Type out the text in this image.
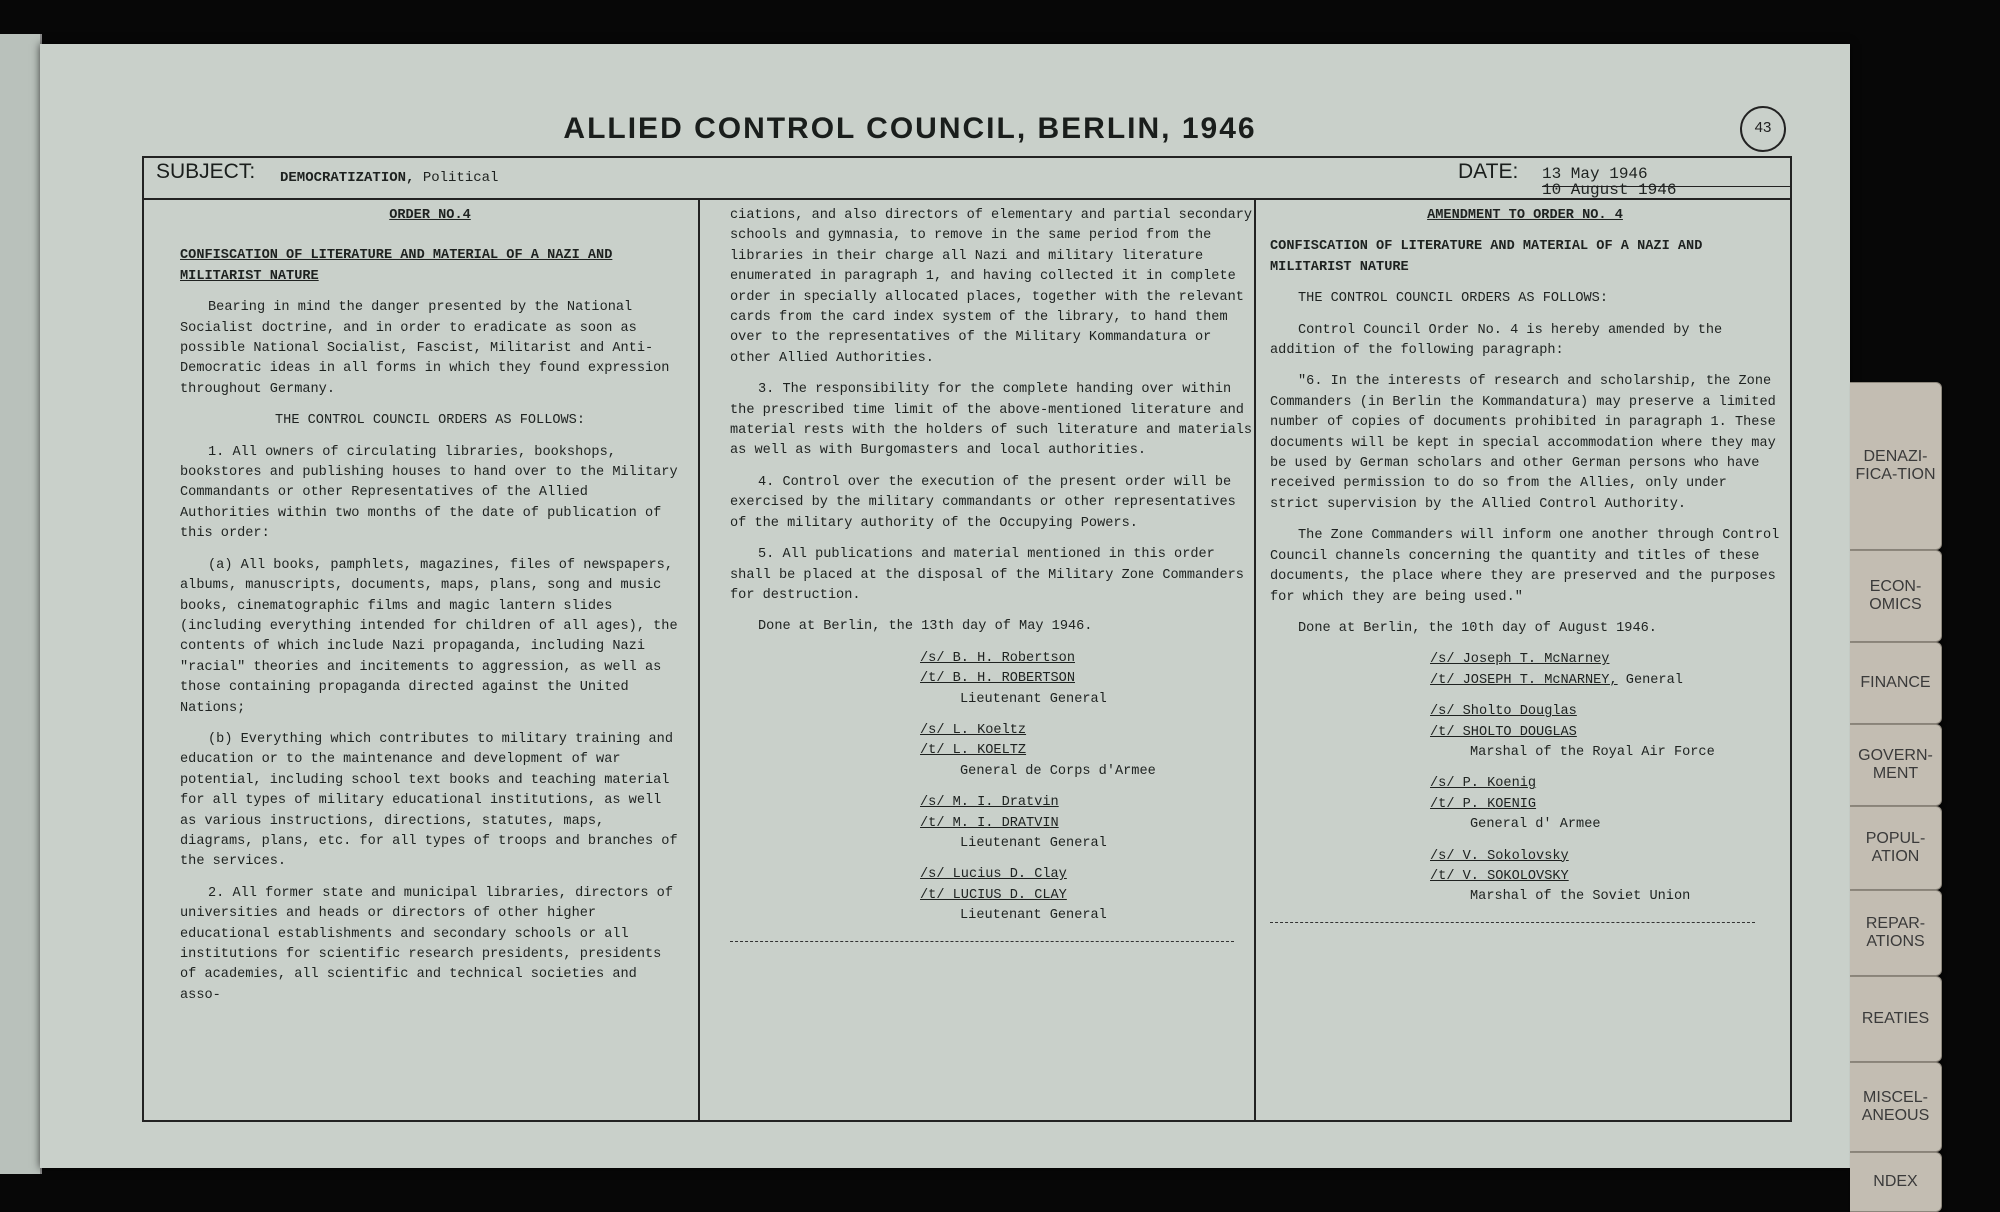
ALLIED CONTROL COUNCIL, BERLIN, 1946	43
SUBJECT: DEMOCRATIZATION, Political	DATE: 13 May 1946
10 August 1946

ORDER NO.4

CONFISCATION OF LITERATURE AND MATERIAL OF A NAZI AND MILITARIST NATURE

Bearing in mind the danger presented by the National Socialist doctrine, and in order to eradicate as soon as possible National Socialist, Fascist, Militarist and Anti-Democratic ideas in all forms in which they found expression throughout Germany.

THE CONTROL COUNCIL ORDERS AS FOLLOWS:

1. All owners of circulating libraries, bookshops, bookstores and publishing houses to hand over to the Military Commandants or other Representatives of the Allied Authorities within two months of the date of publication of this order:

(a) All books, pamphlets, magazines, files of newspapers, albums, manuscripts, documents, maps, plans, song and music books, cinematographic films and magic lantern slides (including everything intended for children of all ages), the contents of which include Nazi propaganda, including Nazi "racial" theories and incitements to aggression, as well as those containing propaganda directed against the United Nations;

(b) Everything which contributes to military training and education or to the maintenance and development of war potential, including school text books and teaching material for all types of military educational institutions, as well as various instructions, directions, statutes, maps, diagrams, plans, etc. for all types of troops and branches of the services.

2. All former state and municipal libraries, directors of universities and heads or directors of other higher educational establishments and secondary schools or all institutions for scientific research presidents, presidents of academies, all scientific and technical societies and asso-

ciations, and also directors of elementary and partial secondary schools and gymnasia, to remove in the same period from the libraries in their charge all Nazi and military literature enumerated in paragraph 1, and having collected it in complete order in specially allocated places, together with the relevant cards from the card index system of the library, to hand them over to the representatives of the Military Kommandatura or other Allied Authorities.

3. The responsibility for the complete handing over within the prescribed time limit of the above-mentioned literature and material rests with the holders of such literature and materials as well as with Burgomasters and local authorities.

4. Control over the execution of the present order will be exercised by the military commandants or other representatives of the military authority of the Occupying Powers.

5. All publications and material mentioned in this order shall be placed at the disposal of the Military Zone Commanders for destruction.

Done at Berlin, the 13th day of May 1946.

/s/ B. H. Robertson
/t/ B. H. ROBERTSON
Lieutenant General
/s/ L. Koeltz
/t/ L. KOELTZ
General de Corps d'Armee
/s/ M. I. Dratvin
/t/ M. I. DRATVIN
Lieutenant General
/s/ Lucius D. Clay
/t/ LUCIUS D. CLAY
Lieutenant General

AMENDMENT TO ORDER NO. 4

CONFISCATION OF LITERATURE AND MATERIAL OF A NAZI AND MILITARIST NATURE

THE CONTROL COUNCIL ORDERS AS FOLLOWS:

Control Council Order No. 4 is hereby amended by the addition of the following paragraph:

"6. In the interests of research and scholarship, the Zone Commanders (in Berlin the Kommandatura) may preserve a limited number of copies of documents prohibited in paragraph 1. These documents will be kept in special accommodation where they may be used by German scholars and other German persons who have received permission to do so from the Allies, only under strict supervision by the Allied Control Authority.

The Zone Commanders will inform one another through Control Council channels concerning the quantity and titles of these documents, the place where they are preserved and the purposes for which they are being used."

Done at Berlin, the 10th day of August 1946.

/s/ Joseph T. McNarney
/t/ JOSEPH T. McNARNEY, General
/s/ Sholto Douglas
/t/ SHOLTO DOUGLAS
Marshal of the Royal Air Force
/s/ P. Koenig
/t/ P. KOENIG
General d' Armee
/s/ V. Sokolovsky
/t/ V. SOKOLOVSKY
Marshal of the Soviet Union
DENAZI-FICA-TION
ECON-OMICS
FINANCE
GOVERN-MENT
POPUL-ATION
REPAR-ATIONS
REATIES
MISCEL-ANEOUS
NDEX
